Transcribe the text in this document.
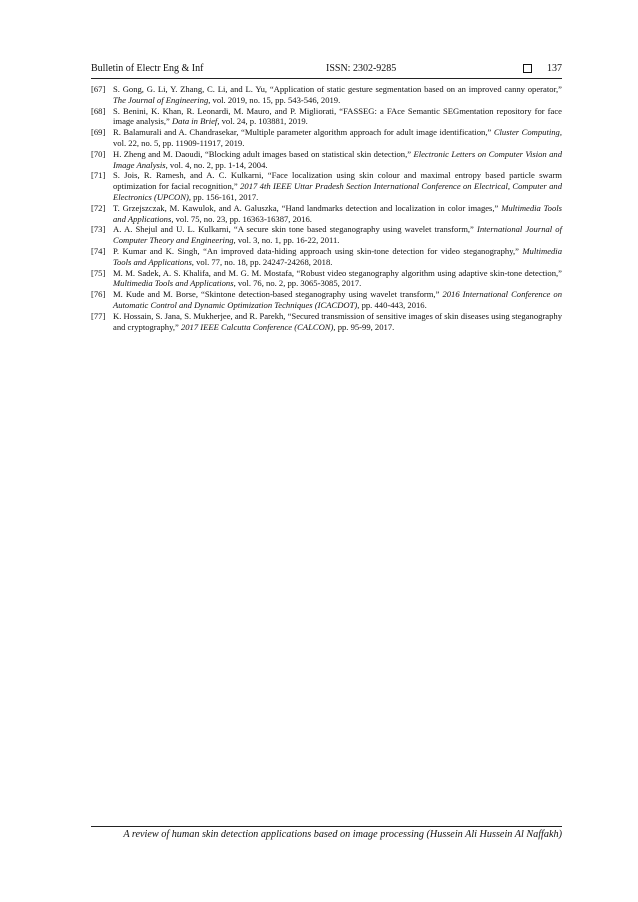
Bulletin of Electr Eng & Inf	ISSN: 2302-9285	137

[67] S. Gong, G. Li, Y. Zhang, C. Li, and L. Yu, “Application of static gesture segmentation based on an improved canny operator,” The Journal of Engineering, vol. 2019, no. 15, pp. 543-546, 2019.

[68] S. Benini, K. Khan, R. Leonardi, M. Mauro, and P. Migliorati, “FASSEG: a FAce Semantic SEGmentation repository for face image analysis,” Data in Brief, vol. 24, p. 103881, 2019.

[69] R. Balamurali and A. Chandrasekar, “Multiple parameter algorithm approach for adult image identification,” Cluster Computing, vol. 22, no. 5, pp. 11909-11917, 2019.

[70] H. Zheng and M. Daoudi, “Blocking adult images based on statistical skin detection,” Electronic Letters on Computer Vision and Image Analysis, vol. 4, no. 2, pp. 1-14, 2004.

[71] S. Jois, R. Ramesh, and A. C. Kulkarni, “Face localization using skin colour and maximal entropy based particle swarm optimization for facial recognition,” 2017 4th IEEE Uttar Pradesh Section International Conference on Electrical, Computer and Electronics (UPCON), pp. 156-161, 2017.

[72] T. Grzejszczak, M. Kawulok, and A. Galuszka, “Hand landmarks detection and localization in color images,” Multimedia Tools and Applications, vol. 75, no. 23, pp. 16363-16387, 2016.

[73] A. A. Shejul and U. L. Kulkarni, “A secure skin tone based steganography using wavelet transform,” International Journal of Computer Theory and Engineering, vol. 3, no. 1, pp. 16-22, 2011.

[74] P. Kumar and K. Singh, “An improved data-hiding approach using skin-tone detection for video steganography,” Multimedia Tools and Applications, vol. 77, no. 18, pp. 24247-24268, 2018.

[75] M. M. Sadek, A. S. Khalifa, and M. G. M. Mostafa, “Robust video steganography algorithm using adaptive skin-tone detection,” Multimedia Tools and Applications, vol. 76, no. 2, pp. 3065-3085, 2017.

[76] M. Kude and M. Borse, “Skintone detection-based steganography using wavelet transform,” 2016 International Conference on Automatic Control and Dynamic Optimization Techniques (ICACDOT), pp. 440-443, 2016.

[77] K. Hossain, S. Jana, S. Mukherjee, and R. Parekh, “Secured transmission of sensitive images of skin diseases using steganography and cryptography,” 2017 IEEE Calcutta Conference (CALCON), pp. 95-99, 2017.

A review of human skin detection applications based on image processing (Hussein Ali Hussein Al Naffakh)
